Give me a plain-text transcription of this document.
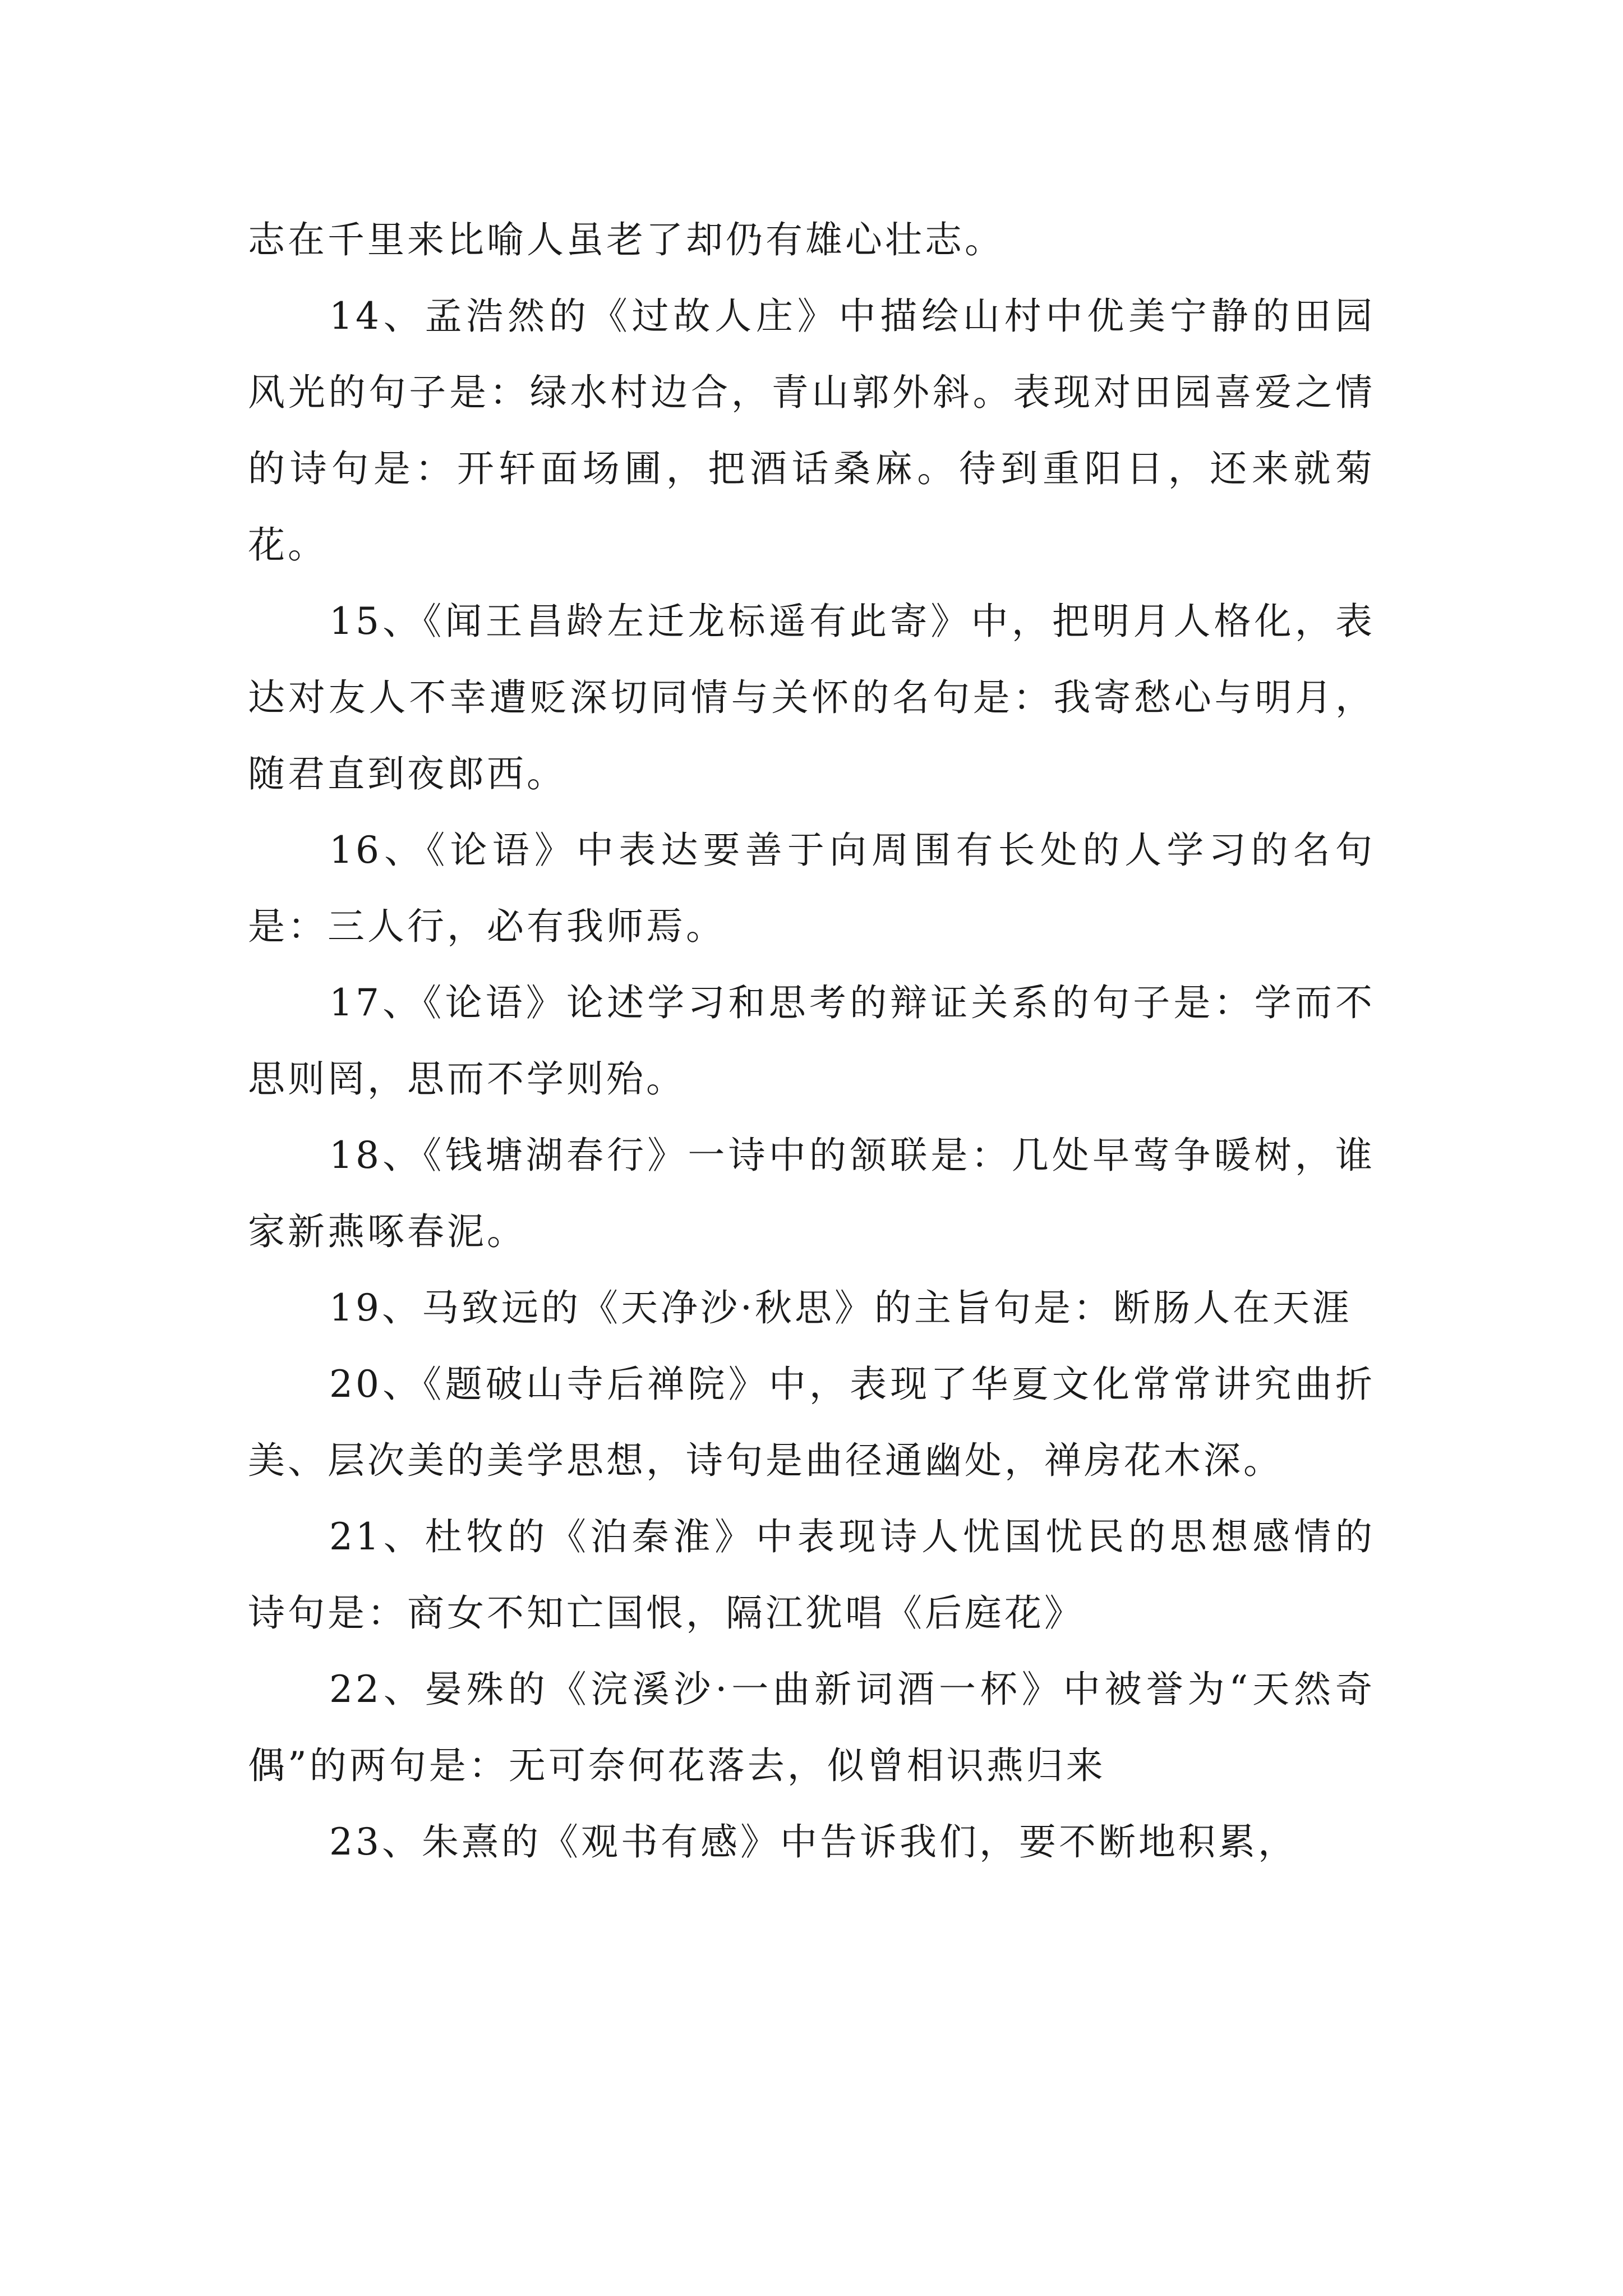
志在千里来比喻人虽老了却仍有雄心壮志。

14、孟浩然的《过故人庄》中描绘山村中优美宁静的田园风光的句子是：绿水村边合，青山郭外斜。表现对田园喜爱之情的诗句是：开轩面场圃，把酒话桑麻。待到重阳日，还来就菊花。

15、《闻王昌龄左迁龙标遥有此寄》中，把明月人格化，表达对友人不幸遭贬深切同情与关怀的名句是：我寄愁心与明月，随君直到夜郎西。

16、《论语》中表达要善于向周围有长处的人学习的名句是：三人行，必有我师焉。

17、《论语》论述学习和思考的辩证关系的句子是：学而不思则罔，思而不学则殆。

18、《钱塘湖春行》一诗中的颔联是：几处早莺争暖树，谁家新燕啄春泥。

19、马致远的《天净沙·秋思》的主旨句是：断肠人在天涯

20、《题破山寺后禅院》中，表现了华夏文化常常讲究曲折美、层次美的美学思想，诗句是曲径通幽处，禅房花木深。

21、杜牧的《泊秦淮》中表现诗人忧国忧民的思想感情的诗句是：商女不知亡国恨，隔江犹唱《后庭花》

22、晏殊的《浣溪沙·一曲新词酒一杯》中被誉为“天然奇偶”的两句是：无可奈何花落去，似曾相识燕归来

23、朱熹的《观书有感》中告诉我们，要不断地积累，
